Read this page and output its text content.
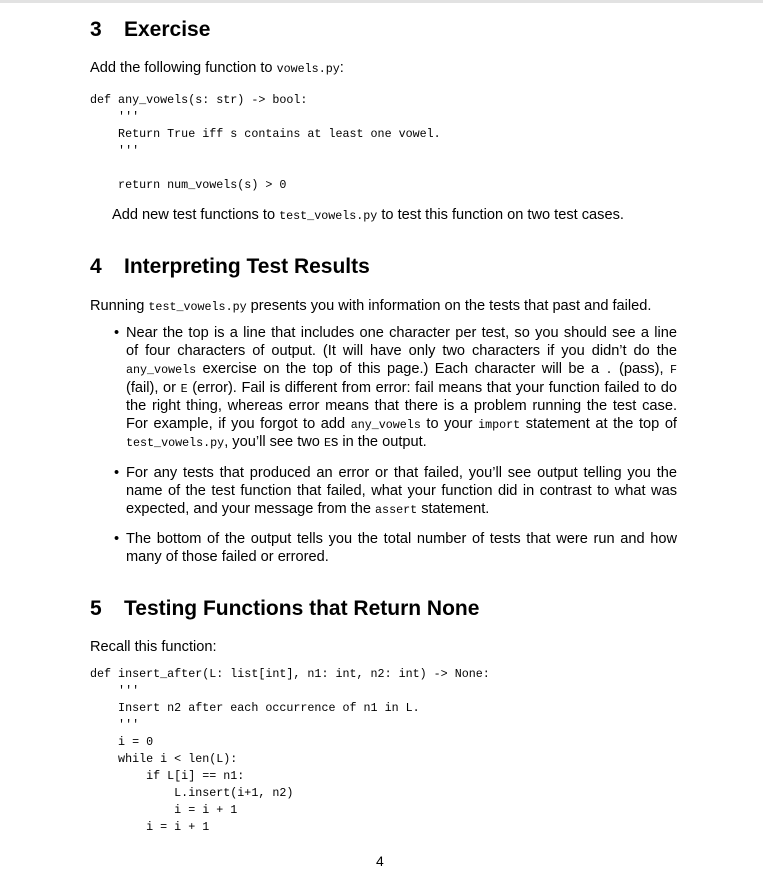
3 Exercise
Add the following function to vowels.py:
def any_vowels(s: str) -> bool:
'''
Return True iff s contains at least one vowel.
'''
return num_vowels(s) > 0
Add new test functions to test_vowels.py to test this function on two test cases.
4 Interpreting Test Results
Running test_vowels.py presents you with information on the tests that past and failed.
• Near the top is a line that includes one character per test, so you should see a line
of four characters of output. (It will have only two characters if you didn’t do the
any_vowels exercise on the top of this page.) Each character will be a . (pass), F
(fail), or E (error). Fail is different from error: fail means that your function failed to do
the right thing, whereas error means that there is a problem running the test case.
For example, if you forgot to add any_vowels to your import statement at the top of
test_vowels.py, you’ll see two Es in the output.
• For any tests that produced an error or that failed, you’ll see output telling you the
name of the test function that failed, what your function did in contrast to what was
expected, and your message from the assert statement.
• The bottom of the output tells you the total number of tests that were run and how
many of those failed or errored.
5 Testing Functions that Return None
Recall this function:
def insert_after(L: list[int], n1: int, n2: int) -> None:
'''
Insert n2 after each occurrence of n1 in L.
'''
i = 0
while i < len(L):
if L[i] == n1:
L.insert(i+1, n2)
i = i + 1
i = i + 1
4
